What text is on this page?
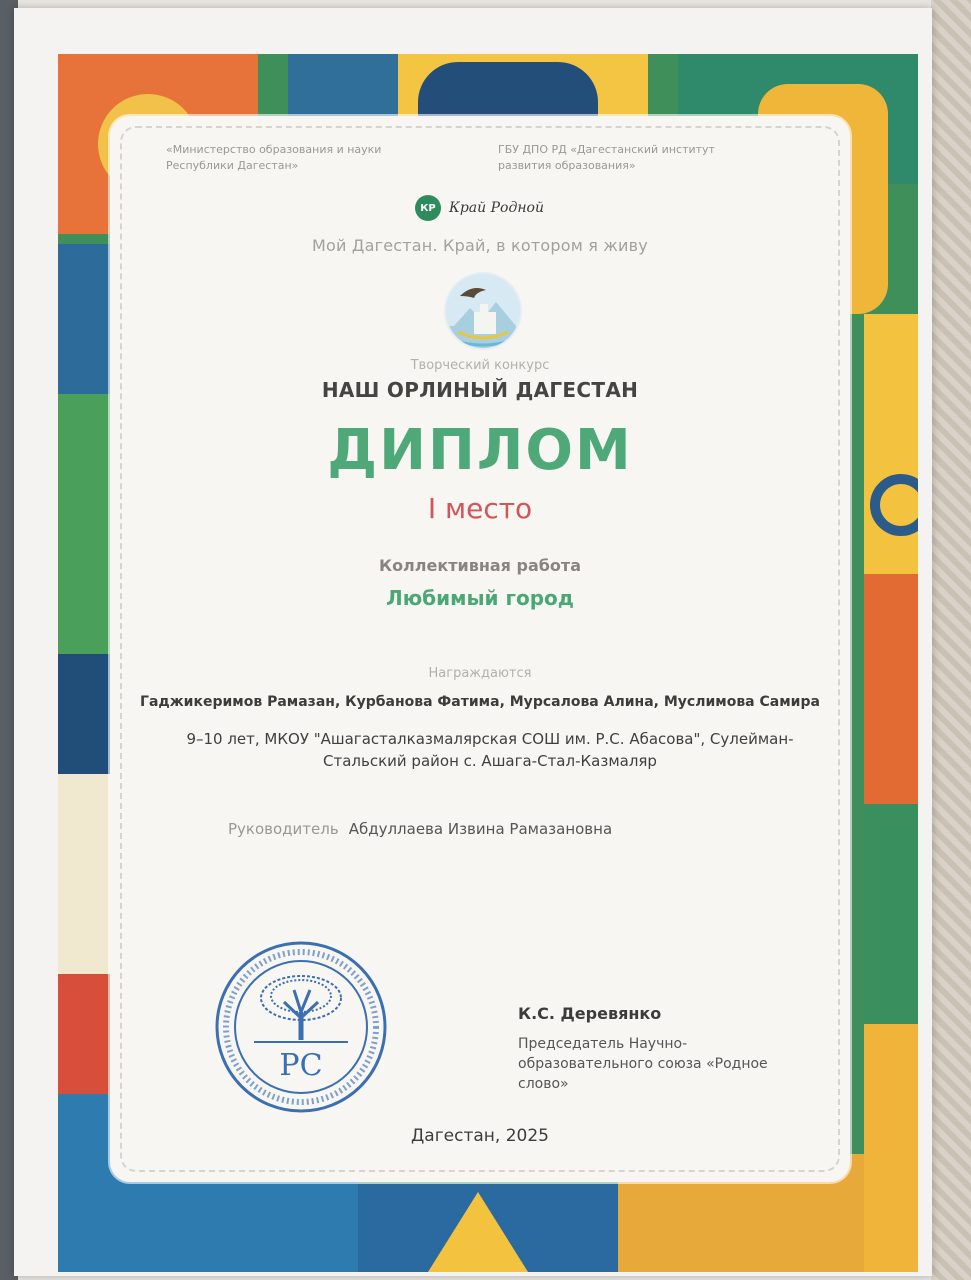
«Министерство образования и науки Республики Дагестан»
ГБУ ДПО РД «Дагестанский институт развития образования»
КР Край Родной
Мой Дагестан. Край, в котором я живу
Творческий конкурс
НАШ ОРЛИНЫЙ ДАГЕСТАН
ДИПЛОМ
I место
Коллективная работа
Любимый город
Награждаются
Гаджикеримов Рамазан, Курбанова Фатима, Мурсалова Алина, Муслимова Самира
9–10 лет, МКОУ "Ашагасталказмалярская СОШ им. Р.С. Абасова", Сулейман-Стальский район с. Ашага-Стал-Казмаляр
Руководитель Абдуллаева Извина Рамазановна
РС
К.С. Деревянко
Председатель Научно-образовательного союза «Родное слово»
Дагестан, 2025
